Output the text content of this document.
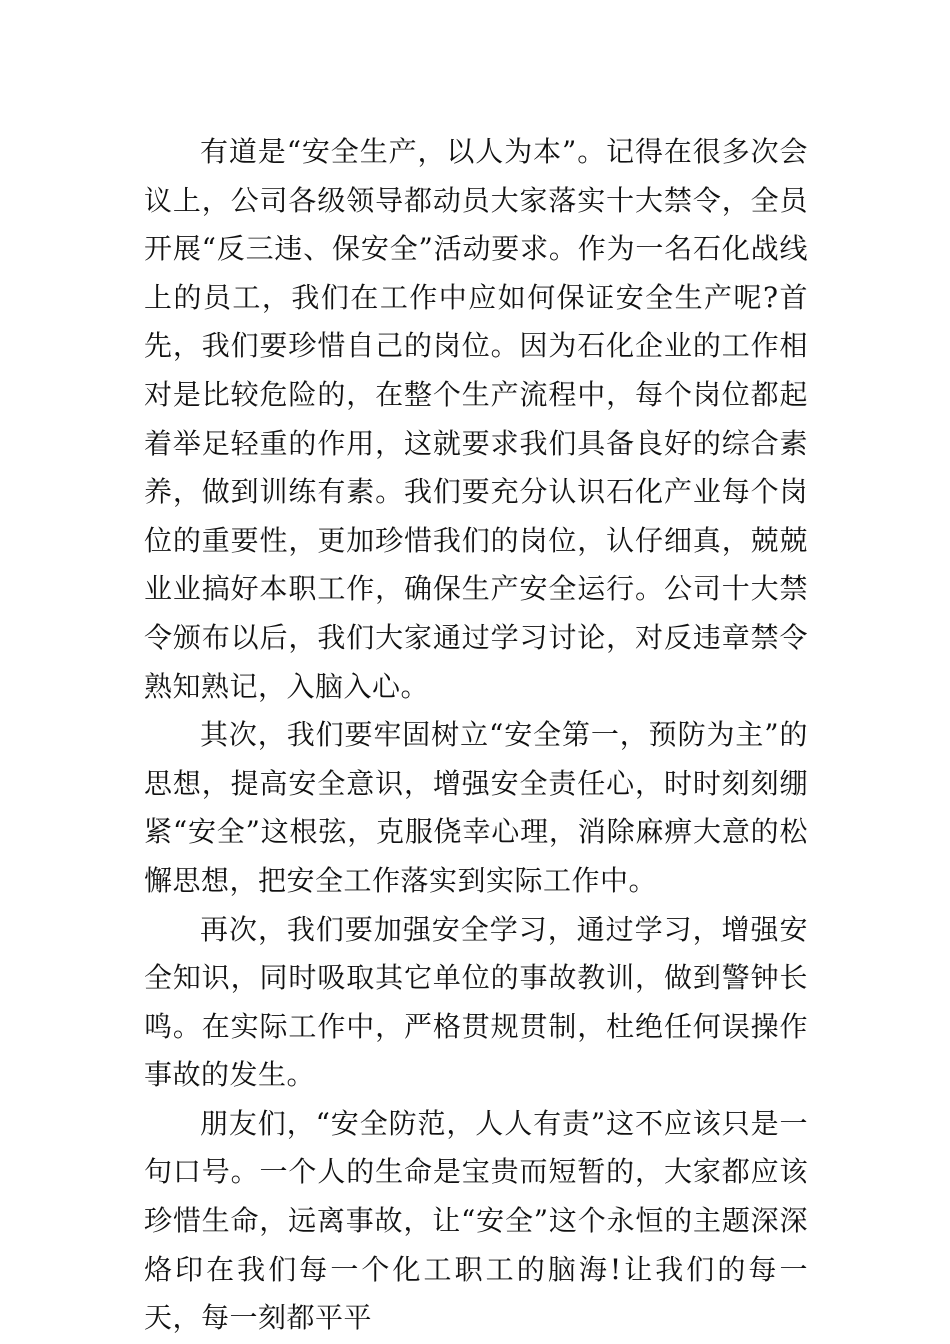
有道是“安全生产，以人为本”。记得在很多次会议上，公司各级领导都动员大家落实十大禁令，全员开展“反三违、保安全”活动要求。作为一名石化战线上的员工，我们在工作中应如何保证安全生产呢?首先，我们要珍惜自己的岗位。因为石化企业的工作相对是比较危险的，在整个生产流程中，每个岗位都起着举足轻重的作用，这就要求我们具备良好的综合素养，做到训练有素。我们要充分认识石化产业每个岗位的重要性，更加珍惜我们的岗位，认仔细真，兢兢业业搞好本职工作，确保生产安全运行。公司十大禁令颁布以后，我们大家通过学习讨论，对反违章禁令熟知熟记，入脑入心。

其次，我们要牢固树立“安全第一，预防为主”的思想，提高安全意识，增强安全责任心，时时刻刻绷紧“安全”这根弦，克服侥幸心理，消除麻痹大意的松懈思想，把安全工作落实到实际工作中。

再次，我们要加强安全学习，通过学习，增强安全知识，同时吸取其它单位的事故教训，做到警钟长鸣。在实际工作中，严格贯规贯制，杜绝任何误操作事故的发生。

朋友们，“安全防范，人人有责”这不应该只是一句口号。一个人的生命是宝贵而短暂的，大家都应该珍惜生命，远离事故，让“安全”这个永恒的主题深深烙印在我们每一个化工职工的脑海!让我们的每一天，每一刻都平平
